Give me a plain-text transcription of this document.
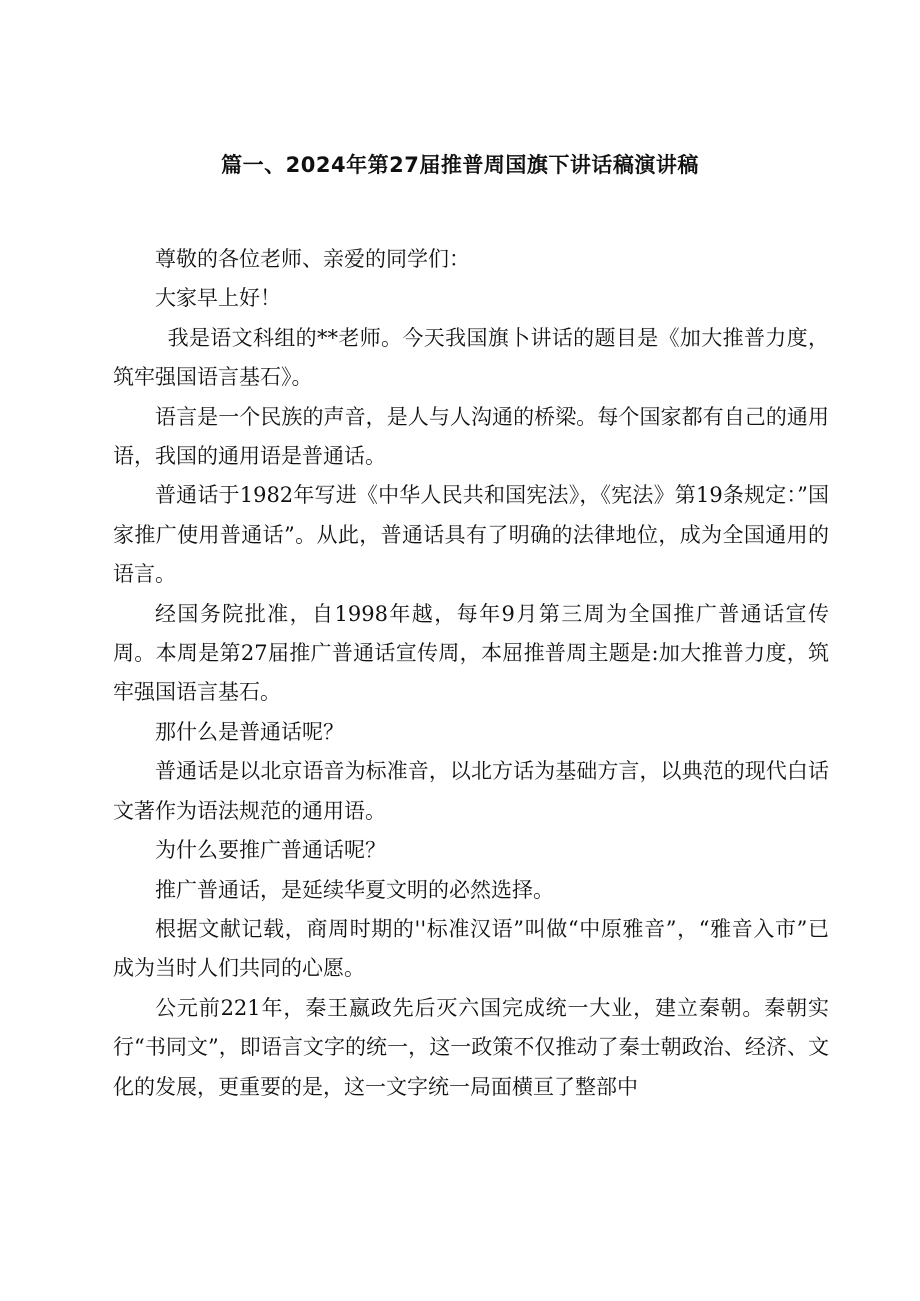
篇一、2024年第27届推普周国旗下讲话稿演讲稿

尊敬的各位老师、亲爱的同学们：

大家早上好！

我是语文科组的**老师。今天我国旗卜讲话的题目是《加大推普力度，筑牢强国语言基石》。

语言是一个民族的声音，是人与人沟通的桥梁。每个国家都有自己的通用语，我国的通用语是普通话。

普通话于1982年写进《中华人民共和国宪法》，《宪法》第19条规定：”国家推广使用普通话”。从此，普通话具有了明确的法律地位，成为全国通用的语言。

经国务院批准，自1998年越，每年9月第三周为全国推广普通话宣传周。本周是第27届推广普通话宣传周，本屈推普周主题是:加大推普力度，筑牢强国语言基石。

那什么是普通话呢？

普通话是以北京语音为标准音，以北方话为基础方言，以典范的现代白话文著作为语法规范的通用语。

为什么要推广普通话呢？

推广普通话，是延续华夏文明的必然选择。

根据文献记载，商周时期的''标准汉语”叫做“中原雅音”，“雅音入市”已成为当时人们共同的心愿。

公元前221年，秦王嬴政先后灭六国完成统一大业，建立秦朝。秦朝实行“书同文”，即语言文字的统一，这一政策不仅推动了秦士朝政治、经济、文化的发展，更重要的是，这一文字统一局面横亘了整部中
